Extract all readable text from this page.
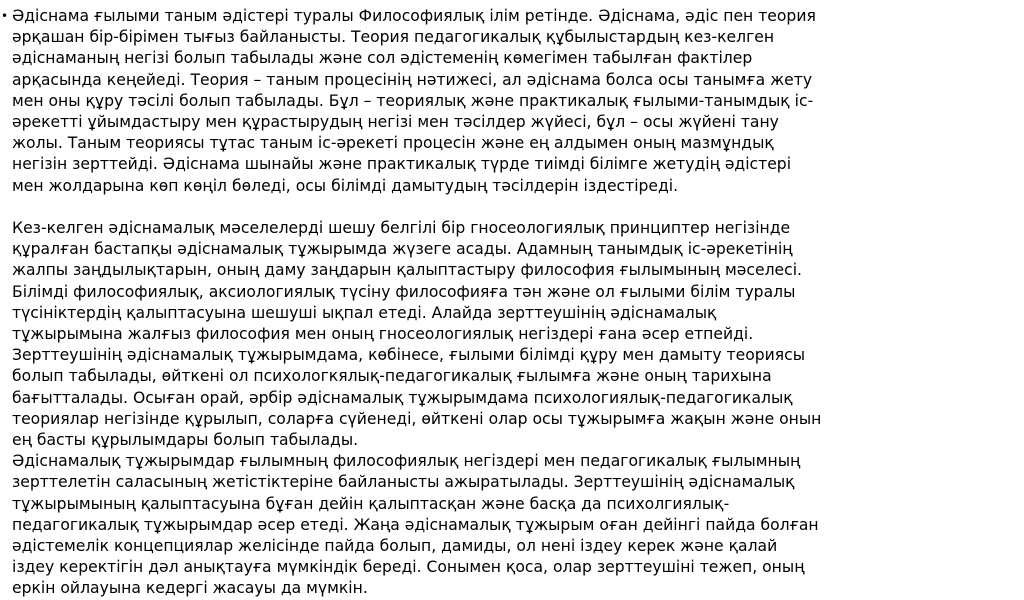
• Әдіснама ғылыми таным әдістері туралы Философиялық ілім ретінде. Әдіснама, әдіс пен теория
әрқашан бір-бірімен тығыз байланысты. Теория педагогикалық құбылыстардың кез-келген
әдіснаманың негізі болып табылады және сол әдістеменің көмегімен табылған фактілер
арқасында кеңейеді. Теория – таным процесінің нәтижесі, ал әдіснама болса осы танымға жету
мен оны құру тәсілі болып табылады. Бұл – теориялық және практикалық ғылыми-танымдық іс-
әрекетті ұйымдастыру мен құрастырудың негізі мен тәсілдер жүйесі, бұл – осы жүйені тану
жолы. Таным теориясы тұтас таным іс-әрекеті процесін және ең алдымен оның мазмұндық
негізін зерттейді. Әдіснама шынайы және практикалық түрде тиімді білімге жетудің әдістері
мен жолдарына көп көңіл бөледі, осы білімді дамытудың тәсілдерін іздестіреді.

Кез-келген әдіснамалық мәселелерді шешу белгілі бір гносеологиялық принциптер негізінде
құралған бастапқы әдіснамалық тұжырымда жүзеге асады. Адамның танымдық іс-әрекетінің
жалпы заңдылықтарын, оның даму заңдарын қалыптастыру философия ғылымының мәселесі.
Білімді философиялық, аксиологиялық түсіну философияға тән және ол ғылыми білім туралы
түсініктердің қалыптасуына шешуші ықпал етеді. Алайда зерттеушінің әдіснамалық
тұжырымына жалғыз философия мен оның гносеологиялық негіздері ғана әсер етпейді.
Зерттеушінің әдіснамалық тұжырымдама, көбінесе, ғылыми білімді құру мен дамыту теориясы
болып табылады, өйткені ол психологкялық-педагогикалық ғылымға және оның тарихына
бағытталады. Осыған орай, әрбір әдіснамалық тұжырымдама психологиялық-педагогикалық
теориялар негізінде құрылып, соларға сүйенеді, өйткені олар осы тұжырымға жақын және онын
ең басты құрылымдары болып табылады.

Әдіснамалық тұжырымдар ғылымның философиялық негіздері мен педагогикалық ғылымның
зерттелетін саласының жетістіктеріне байланысты ажыратылады. Зерттеушінің әдіснамалық
тұжырымының қалыптасуына бұған дейін қалыптасқан және басқа да психолгиялық-
педагогикалық тұжырымдар әсер етеді. Жаңа әдіснамалық тұжырым оған дейінгі пайда болған
әдістемелік концепциялар желісінде пайда болып, дамиды, ол нені іздеу керек және қалай
іздеу керектігін дәл анықтауға мүмкіндік береді. Сонымен қоса, олар зерттеушіні тежеп, оның
еркін ойлауына кедергі жасауы да мүмкін.
